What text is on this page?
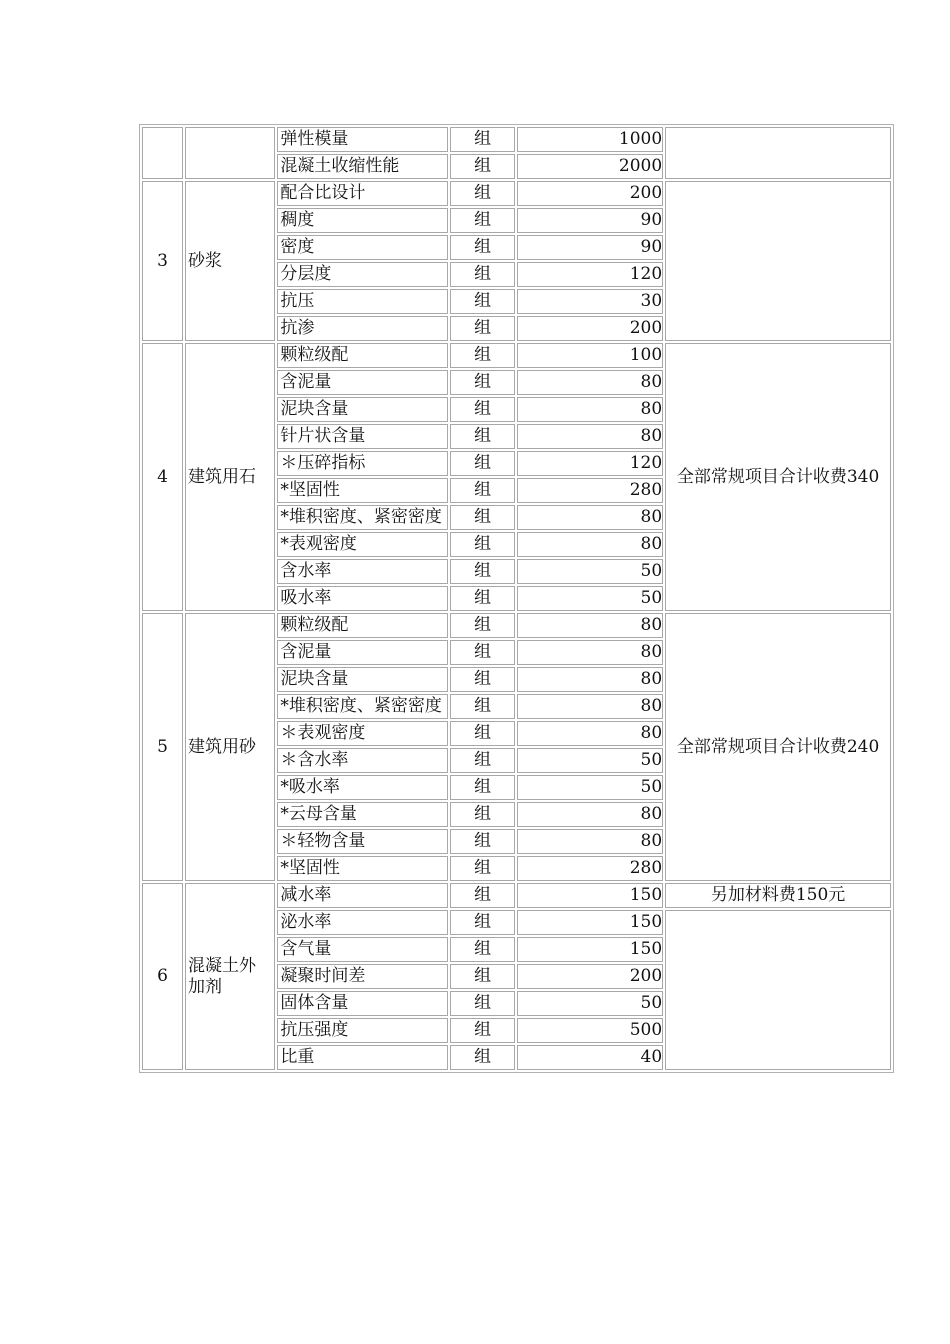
		弹性模量	组	1000	
		混凝土收缩性能	组	2000	
3	砂浆	配合比设计	组	200	
		稠度	组	90	
		密度	组	90	
		分层度	组	120	
		抗压	组	30	
		抗渗	组	200	
4	建筑用石	颗粒级配	组	100	全部常规项目合计收费340
		含泥量	组	80	
		泥块含量	组	80	
		针片状含量	组	80	
		＊压碎指标	组	120	
		*坚固性	组	280	
		*堆积密度、紧密密度	组	80	
		*表观密度	组	80	
		含水率	组	50	
		吸水率	组	50	
5	建筑用砂	颗粒级配	组	80	全部常规项目合计收费240
		含泥量	组	80	
		泥块含量	组	80	
		*堆积密度、紧密密度	组	80	
		＊表观密度	组	80	
		＊含水率	组	50	
		*吸水率	组	50	
		*云母含量	组	80	
		＊轻物含量	组	80	
		*坚固性	组	280	
6	混凝土外加剂	减水率	组	150	另加材料费150元
		泌水率	组	150	
		含气量	组	150	
		凝聚时间差	组	200	
		固体含量	组	50	
		抗压强度	组	500	
		比重	组	40	
